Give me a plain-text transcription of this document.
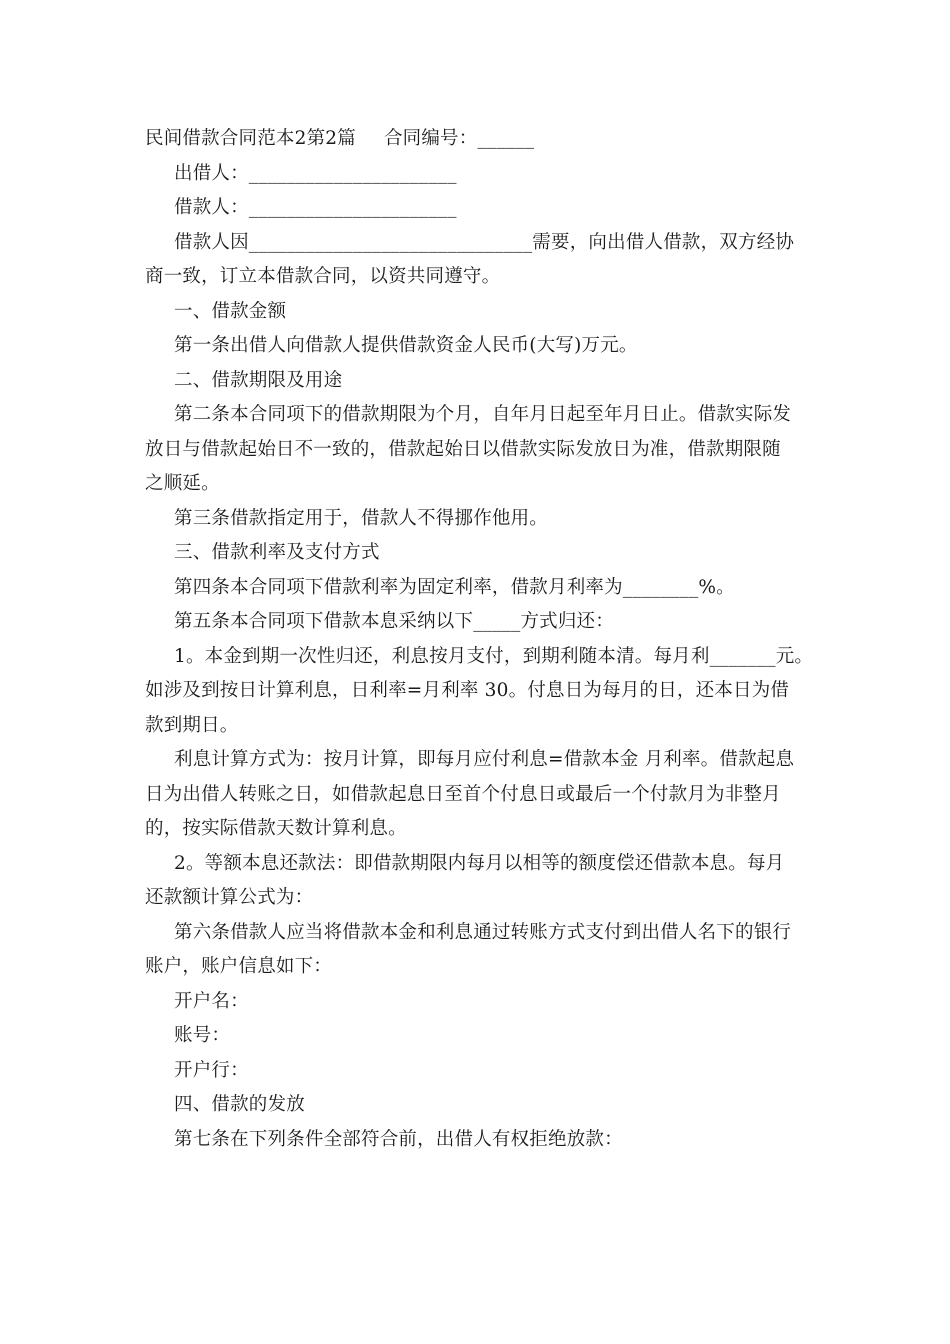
民间借款合同范本2第2篇 合同编号：______
出借人：______________________
借款人：______________________
借款人因______________________________需要，向出借人借款，双方经协
商一致，订立本借款合同，以资共同遵守。
一、借款金额
第一条出借人向借款人提供借款资金人民币(大写)万元。
二、借款期限及用途
第二条本合同项下的借款期限为个月，自年月日起至年月日止。借款实际发
放日与借款起始日不一致的，借款起始日以借款实际发放日为准，借款期限随
之顺延。
第三条借款指定用于，借款人不得挪作他用。
三、借款利率及支付方式
第四条本合同项下借款利率为固定利率，借款月利率为________%。
第五条本合同项下借款本息采纳以下_____方式归还：
1。本金到期一次性归还，利息按月支付，到期利随本清。每月利_______元。
如涉及到按日计算利息，日利率=月利率 30。付息日为每月的日，还本日为借
款到期日。
利息计算方式为：按月计算，即每月应付利息=借款本金 月利率。借款起息
日为出借人转账之日，如借款起息日至首个付息日或最后一个付款月为非整月
的，按实际借款天数计算利息。
2。等额本息还款法：即借款期限内每月以相等的额度偿还借款本息。每月
还款额计算公式为：
第六条借款人应当将借款本金和利息通过转账方式支付到出借人名下的银行
账户，账户信息如下：
开户名：
账号：
开户行：
四、借款的发放
第七条在下列条件全部符合前，出借人有权拒绝放款：
